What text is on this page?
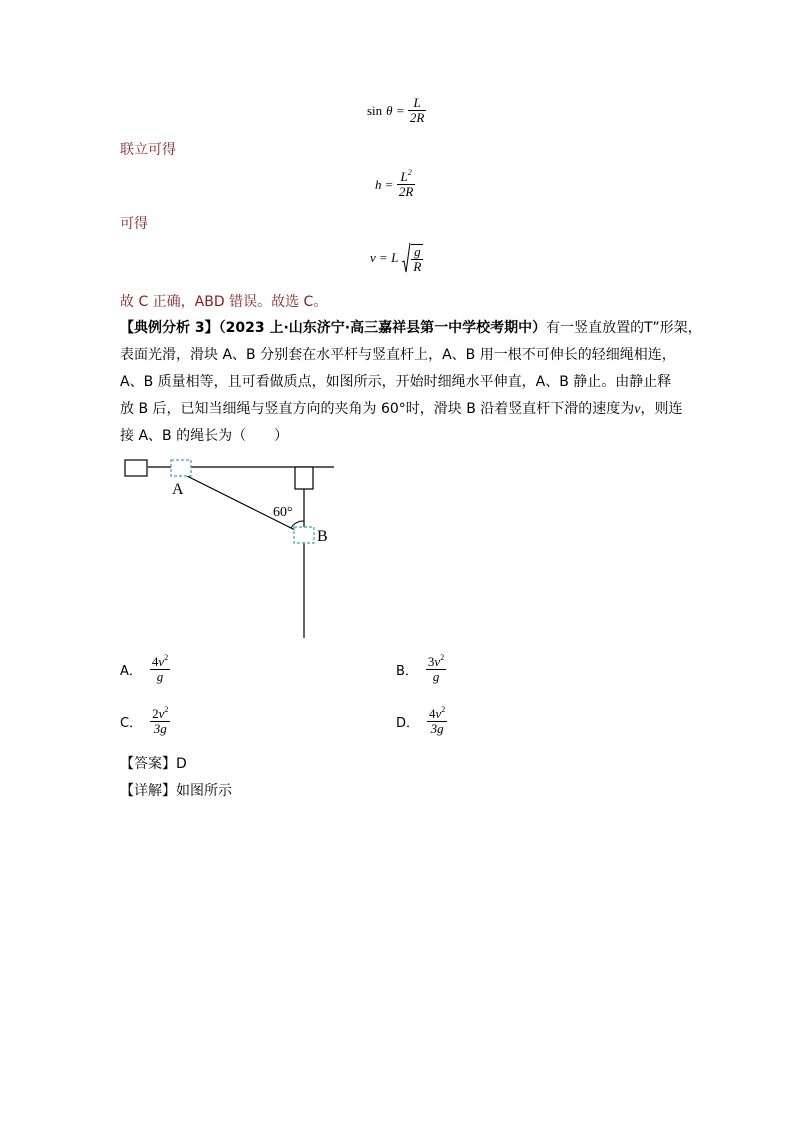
$\sin \theta = \frac{L}{2R}$
联立可得
$h = \frac{L^2}{2R}$
可得
v = L $\frac{g}{R}$
故 C 正确，ABD 错误。故选 C。
【典例分析 3】（2023 上·山东济宁·高三嘉祥县第一中学校考期中）有一竖直放置的T”形架，
表面光滑，滑块 A、B 分别套在水平杆与竖直杆上，A、B 用一根不可伸长的轻细绳相连，
A、B 质量相等，且可看做质点，如图所示，开始时细绳水平伸直，A、B 静止。由静止释
放 B 后，已知当细绳与竖直方向的夹角为 60°时，滑块 B 沿着竖直杆下滑的速度为v，则连
接 A、B 的绳长为（　　）
A
B
60°
A． $\frac{4v^2}{g}$	B． $\frac{3v^2}{g}$
C． $\frac{2v^2}{3g}$	D． $\frac{4v^2}{3g}$
【答案】D
【详解】如图所示
